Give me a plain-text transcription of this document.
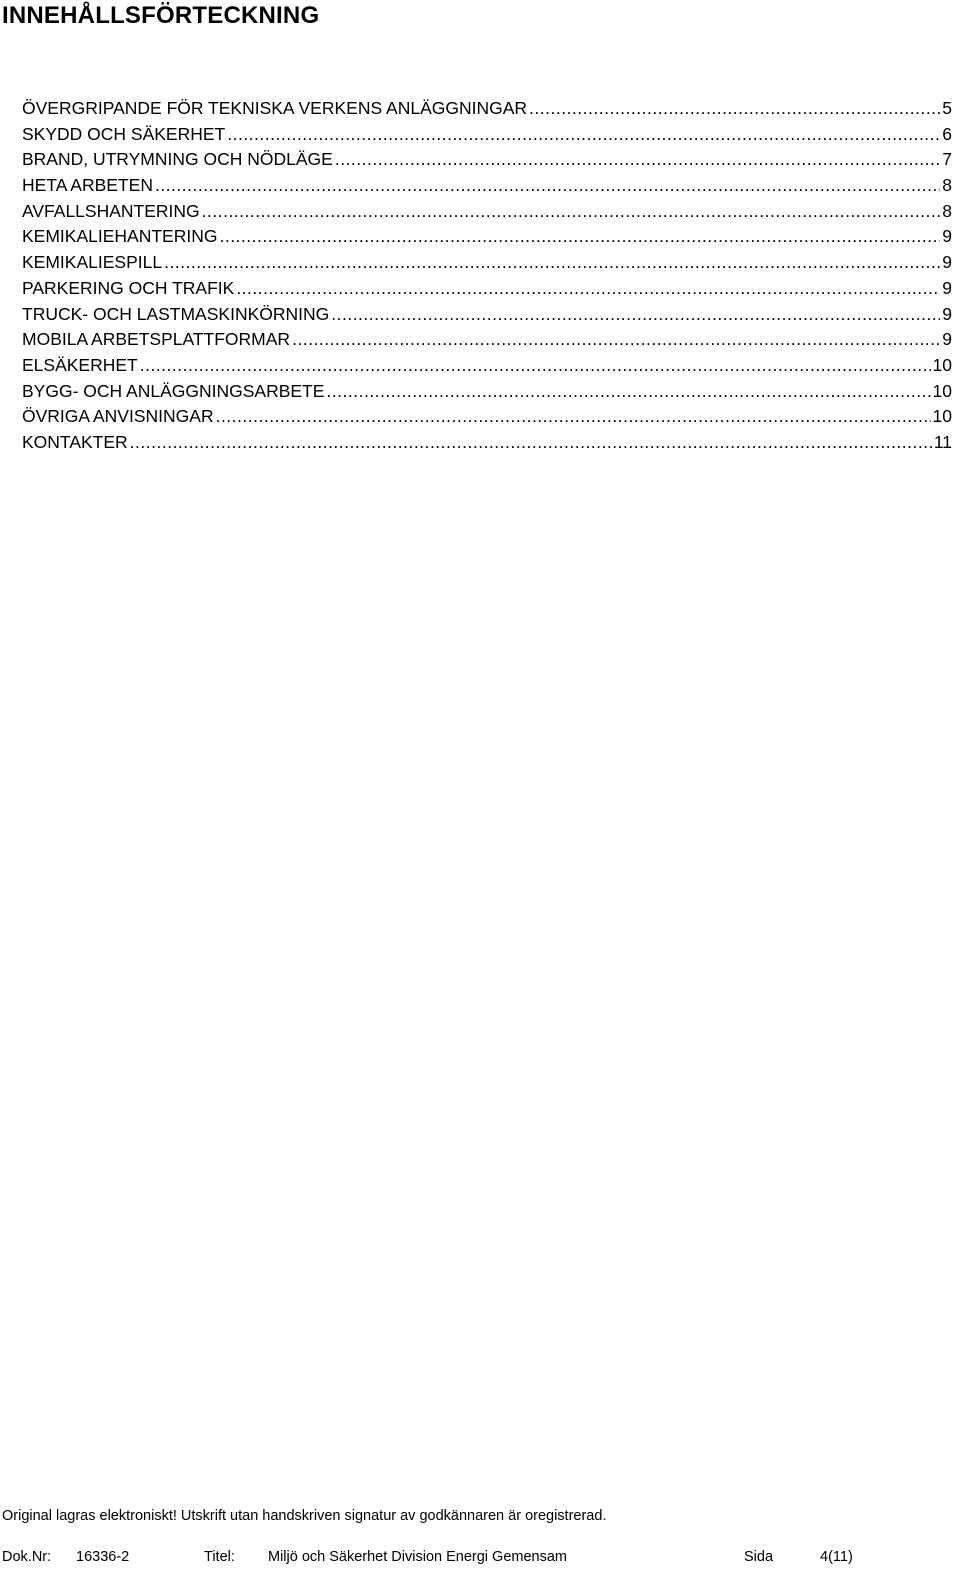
INNEHÅLLSFÖRTECKNING
ÖVERGRIPANDE FÖR TEKNISKA VERKENS ANLÄGGNINGAR .....	5
SKYDD OCH SÄKERHET .....	6
BRAND, UTRYMNING OCH NÖDLÄGE .....	7
HETA ARBETEN .....	8
AVFALLSHANTERING .....	8
KEMIKALIEHANTERING .....	9
KEMIKALIESPILL .....	9
PARKERING OCH TRAFIK .....	9
TRUCK- OCH LASTMASKINKÖRNING .....	9
MOBILA ARBETSPLATTFORMAR .....	9
ELSÄKERHET .....	10
BYGG- OCH ANLÄGGNINGSARBETE .....	10
ÖVRIGA ANVISNINGAR .....	10
KONTAKTER .....	11

Original lagras elektroniskt! Utskrift utan handskriven signatur av godkännaren är oregistrerad.

Dok.Nr: 16336-2	Titel: Miljö och Säkerhet Division Energi Gemensam	Sida	4(11)
